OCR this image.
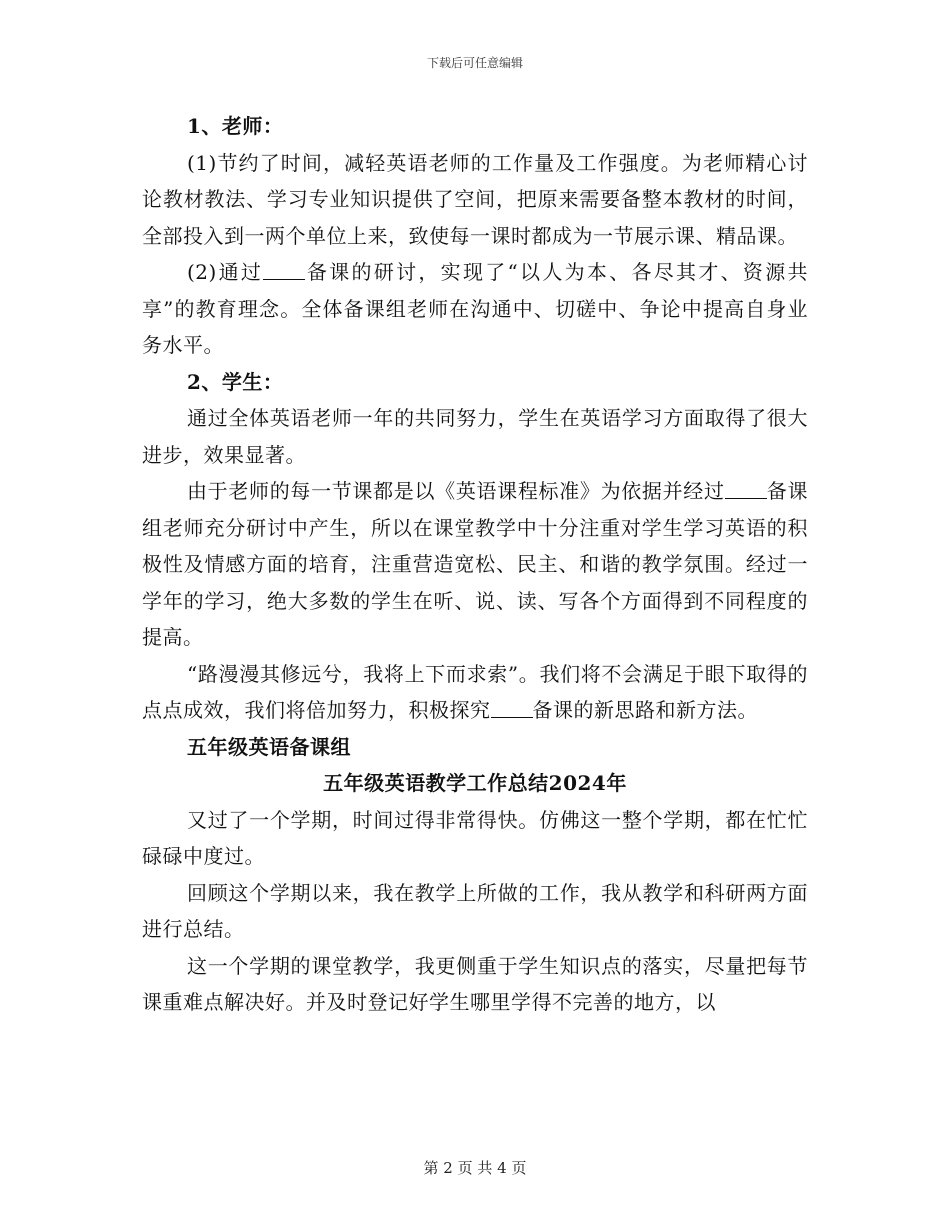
下载后可任意编辑

1、老师：

(1)节约了时间，减轻英语老师的工作量及工作强度。为老师精心讨论教材教法、学习专业知识提供了空间，把原来需要备整本教材的时间，全部投入到一两个单位上来，致使每一课时都成为一节展示课、精品课。

(2)通过 备课的研讨，实现了“以人为本、各尽其才、资源共享”的教育理念。全体备课组老师在沟通中、切磋中、争论中提高自身业务水平。

2、学生：

通过全体英语老师一年的共同努力，学生在英语学习方面取得了很大进步，效果显著。

由于老师的每一节课都是以《英语课程标准》为依据并经过 备课组老师充分研讨中产生，所以在课堂教学中十分注重对学生学习英语的积极性及情感方面的培育，注重营造宽松、民主、和谐的教学氛围。经过一学年的学习，绝大多数的学生在听、说、读、写各个方面得到不同程度的提高。

“路漫漫其修远兮，我将上下而求索”。我们将不会满足于眼下取得的点点成效，我们将倍加努力，积极探究 备课的新思路和新方法。

五年级英语备课组

五年级英语教学工作总结2024年

又过了一个学期，时间过得非常得快。仿佛这一整个学期，都在忙忙碌碌中度过。

回顾这个学期以来，我在教学上所做的工作，我从教学和科研两方面进行总结。

这一个学期的课堂教学，我更侧重于学生知识点的落实，尽量把每节课重难点解决好。并及时登记好学生哪里学得不完善的地方，以

第 2 页 共 4 页
